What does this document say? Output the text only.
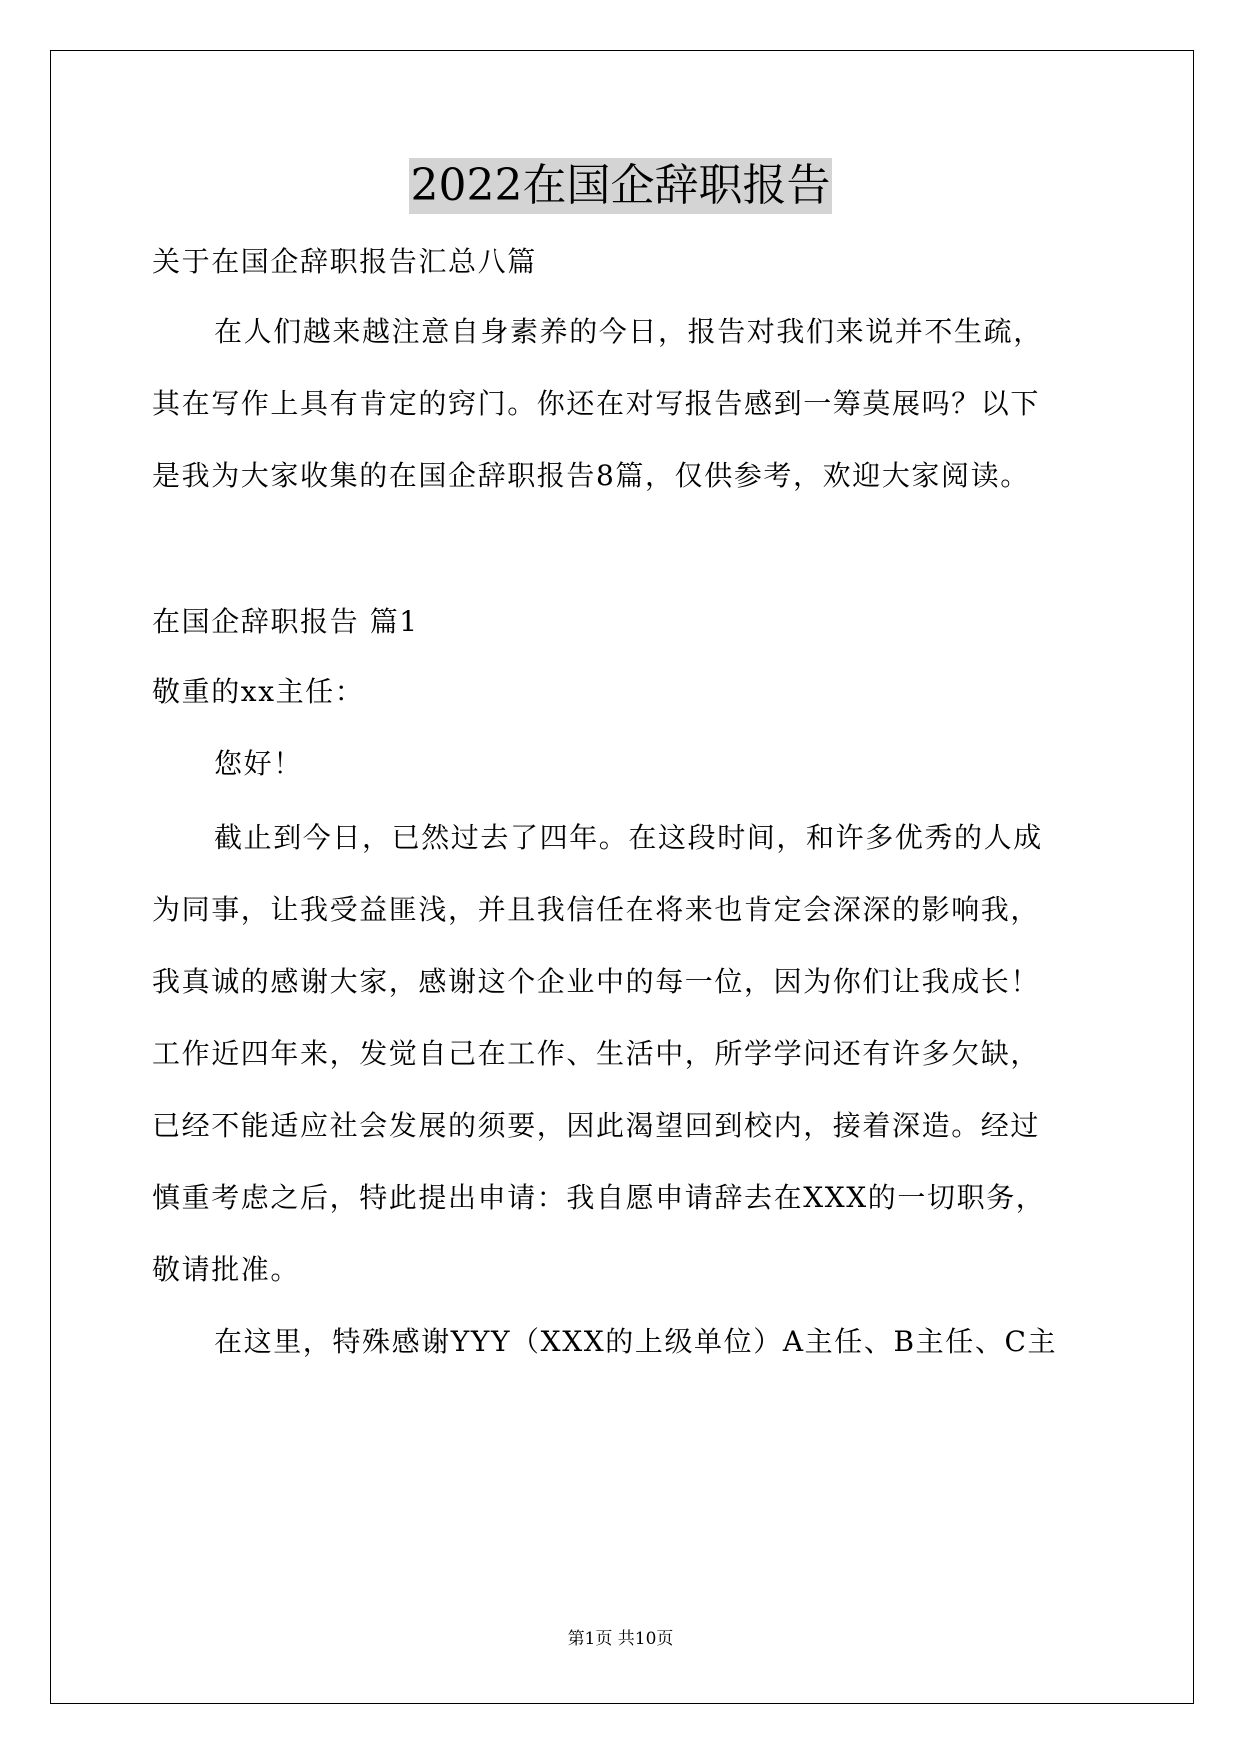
2022在国企辞职报告
关于在国企辞职报告汇总八篇
在人们越来越注意自身素养的今日，报告对我们来说并不生疏，
其在写作上具有肯定的窍门。你还在对写报告感到一筹莫展吗？以下
是我为大家收集的在国企辞职报告8篇，仅供参考，欢迎大家阅读。
在国企辞职报告 篇1
敬重的xx主任：
您好！
截止到今日，已然过去了四年。在这段时间，和许多优秀的人成
为同事，让我受益匪浅，并且我信任在将来也肯定会深深的影响我，
我真诚的感谢大家，感谢这个企业中的每一位，因为你们让我成长！
工作近四年来，发觉自己在工作、生活中，所学学问还有许多欠缺，
已经不能适应社会发展的须要，因此渴望回到校内，接着深造。经过
慎重考虑之后，特此提出申请：我自愿申请辞去在XXX的一切职务，
敬请批准。
在这里，特殊感谢YYY（XXX的上级单位）A主任、B主任、C主
第1页 共10页
